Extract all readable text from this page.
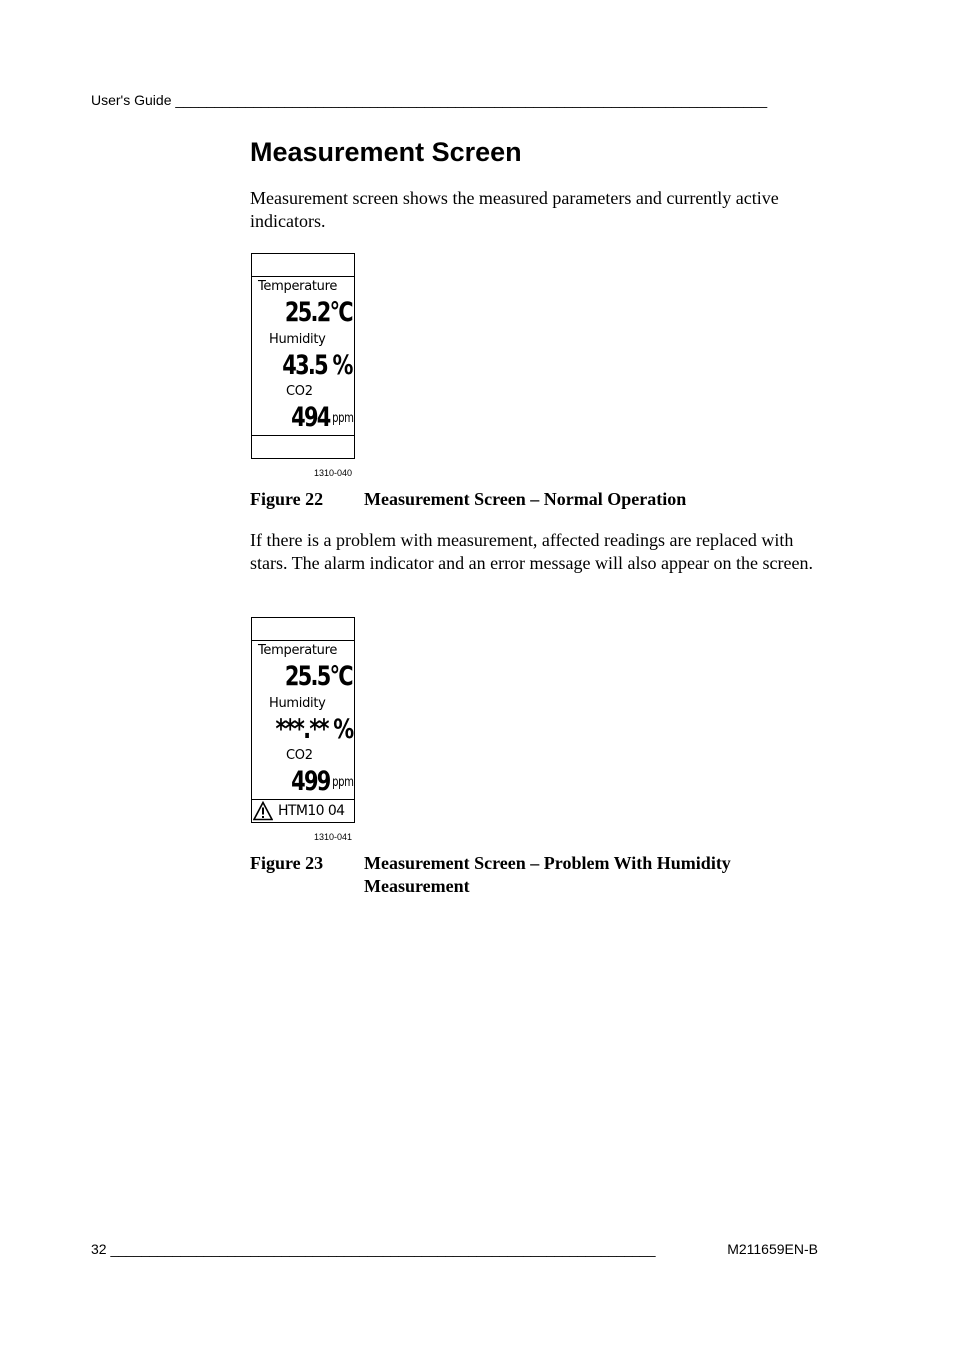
User's Guide ____________________________________________________________________________
Measurement Screen

Measurement screen shows the measured parameters and currently active indicators.

Temperature
25.2°C
Humidity
43.5 %
CO2
494 ppm
1310-040
Figure 22 Measurement Screen – Normal Operation

If there is a problem with measurement, affected readings are replaced with stars. The alarm indicator and an error message will also appear on the screen.

Temperature
25.5°C
Humidity
***.** %
CO2
499 ppm
HTM10 04
1310-041
Figure 23 Measurement Screen – Problem With Humidity Measurement
32 ______________________________________________________________________	M211659EN-B
